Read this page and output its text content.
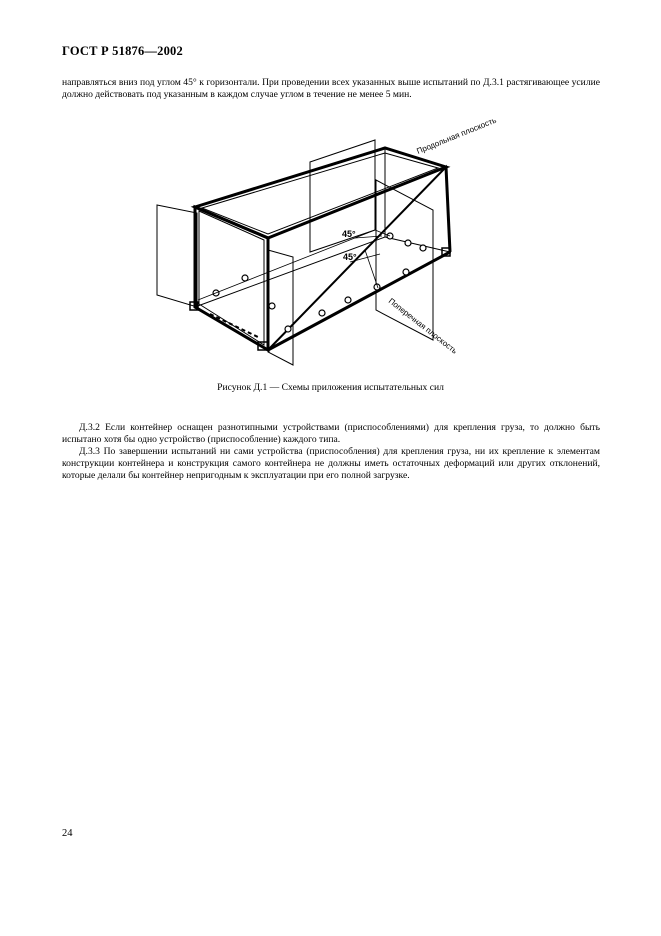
ГОСТ Р 51876—2002
направляться вниз под углом 45° к горизонтали. При проведении всех указанных выше испытаний по Д.3.1 растягивающее усилие должно действовать под указанным в каждом случае углом в течение не менее 5 мин.
45°
45°
Продольная плоскость
Поперечная плоскость
Рисунок Д.1 — Схемы приложения испытательных сил
Д.3.2 Если контейнер оснащен разнотипными устройствами (приспособлениями) для крепления груза, то должно быть испытано хотя бы одно устройство (приспособление) каждого типа.
Д.3.3 По завершении испытаний ни сами устройства (приспособления) для крепления груза, ни их крепление к элементам конструкции контейнера и конструкция самого контейнера не должны иметь остаточных деформаций или других отклонений, которые делали бы контейнер непригодным к эксплуатации при его полной загрузке.
24
